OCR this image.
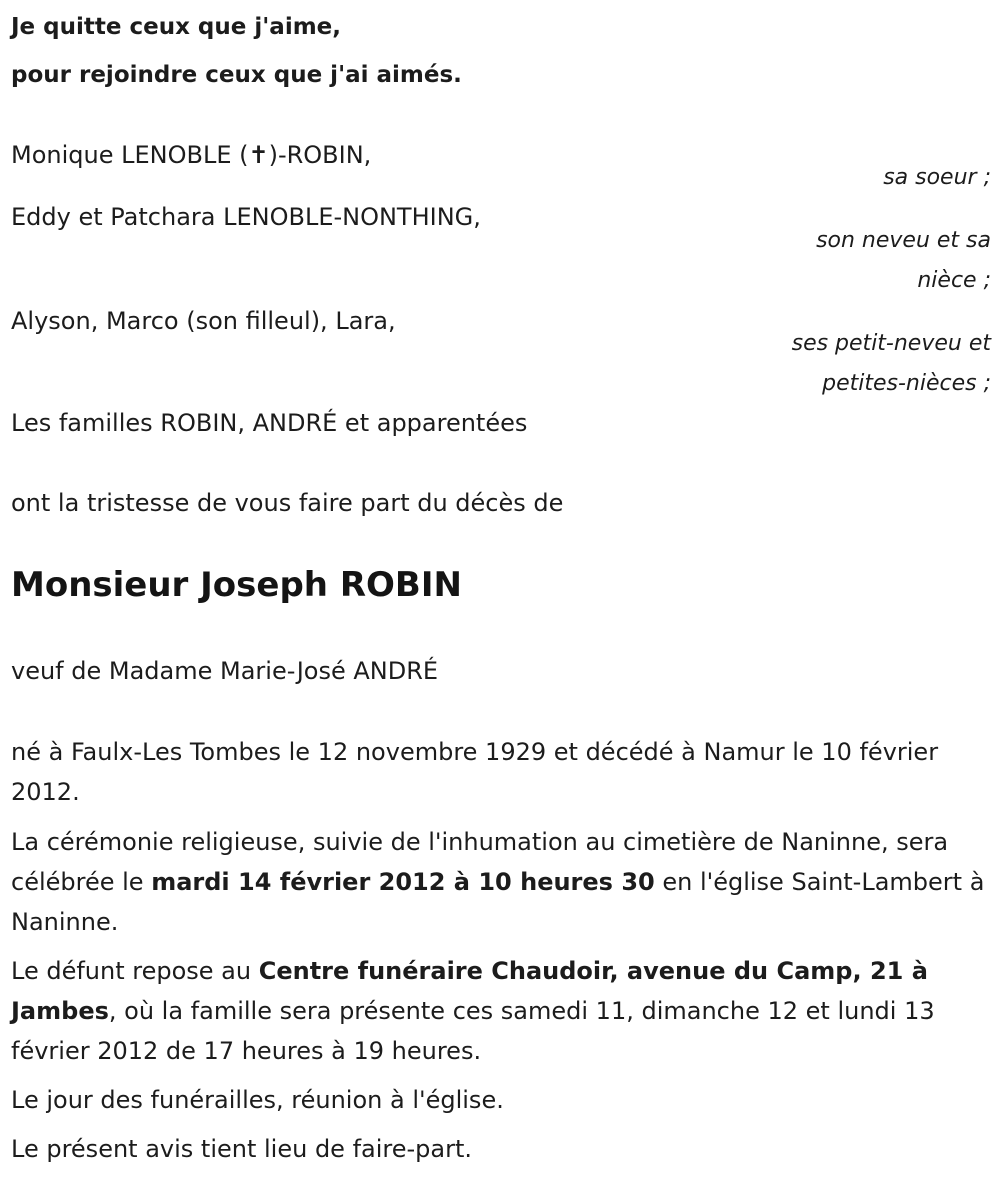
Je quitte ceux que j'aime,
pour rejoindre ceux que j'ai aimés.
Monique LENOBLE (✝)-ROBIN,
sa soeur ;
Eddy et Patchara LENOBLE-NONTHING,
son neveu et sa nièce ;
Alyson, Marco (son filleul), Lara,
ses petit-neveu et petites-nièces ;
Les familles ROBIN, ANDRÉ et apparentées
ont la tristesse de vous faire part du décès de
Monsieur Joseph ROBIN
veuf de Madame Marie-José ANDRÉ
né à Faulx-Les Tombes le 12 novembre 1929 et décédé à Namur le 10 février 2012.
La cérémonie religieuse, suivie de l'inhumation au cimetière de Naninne, sera célébrée le mardi 14 février 2012 à 10 heures 30 en l'église Saint-Lambert à Naninne.
Le défunt repose au Centre funéraire Chaudoir, avenue du Camp, 21 à Jambes, où la famille sera présente ces samedi 11, dimanche 12 et lundi 13 février 2012 de 17 heures à 19 heures.
Le jour des funérailles, réunion à l'église.
Le présent avis tient lieu de faire-part.
